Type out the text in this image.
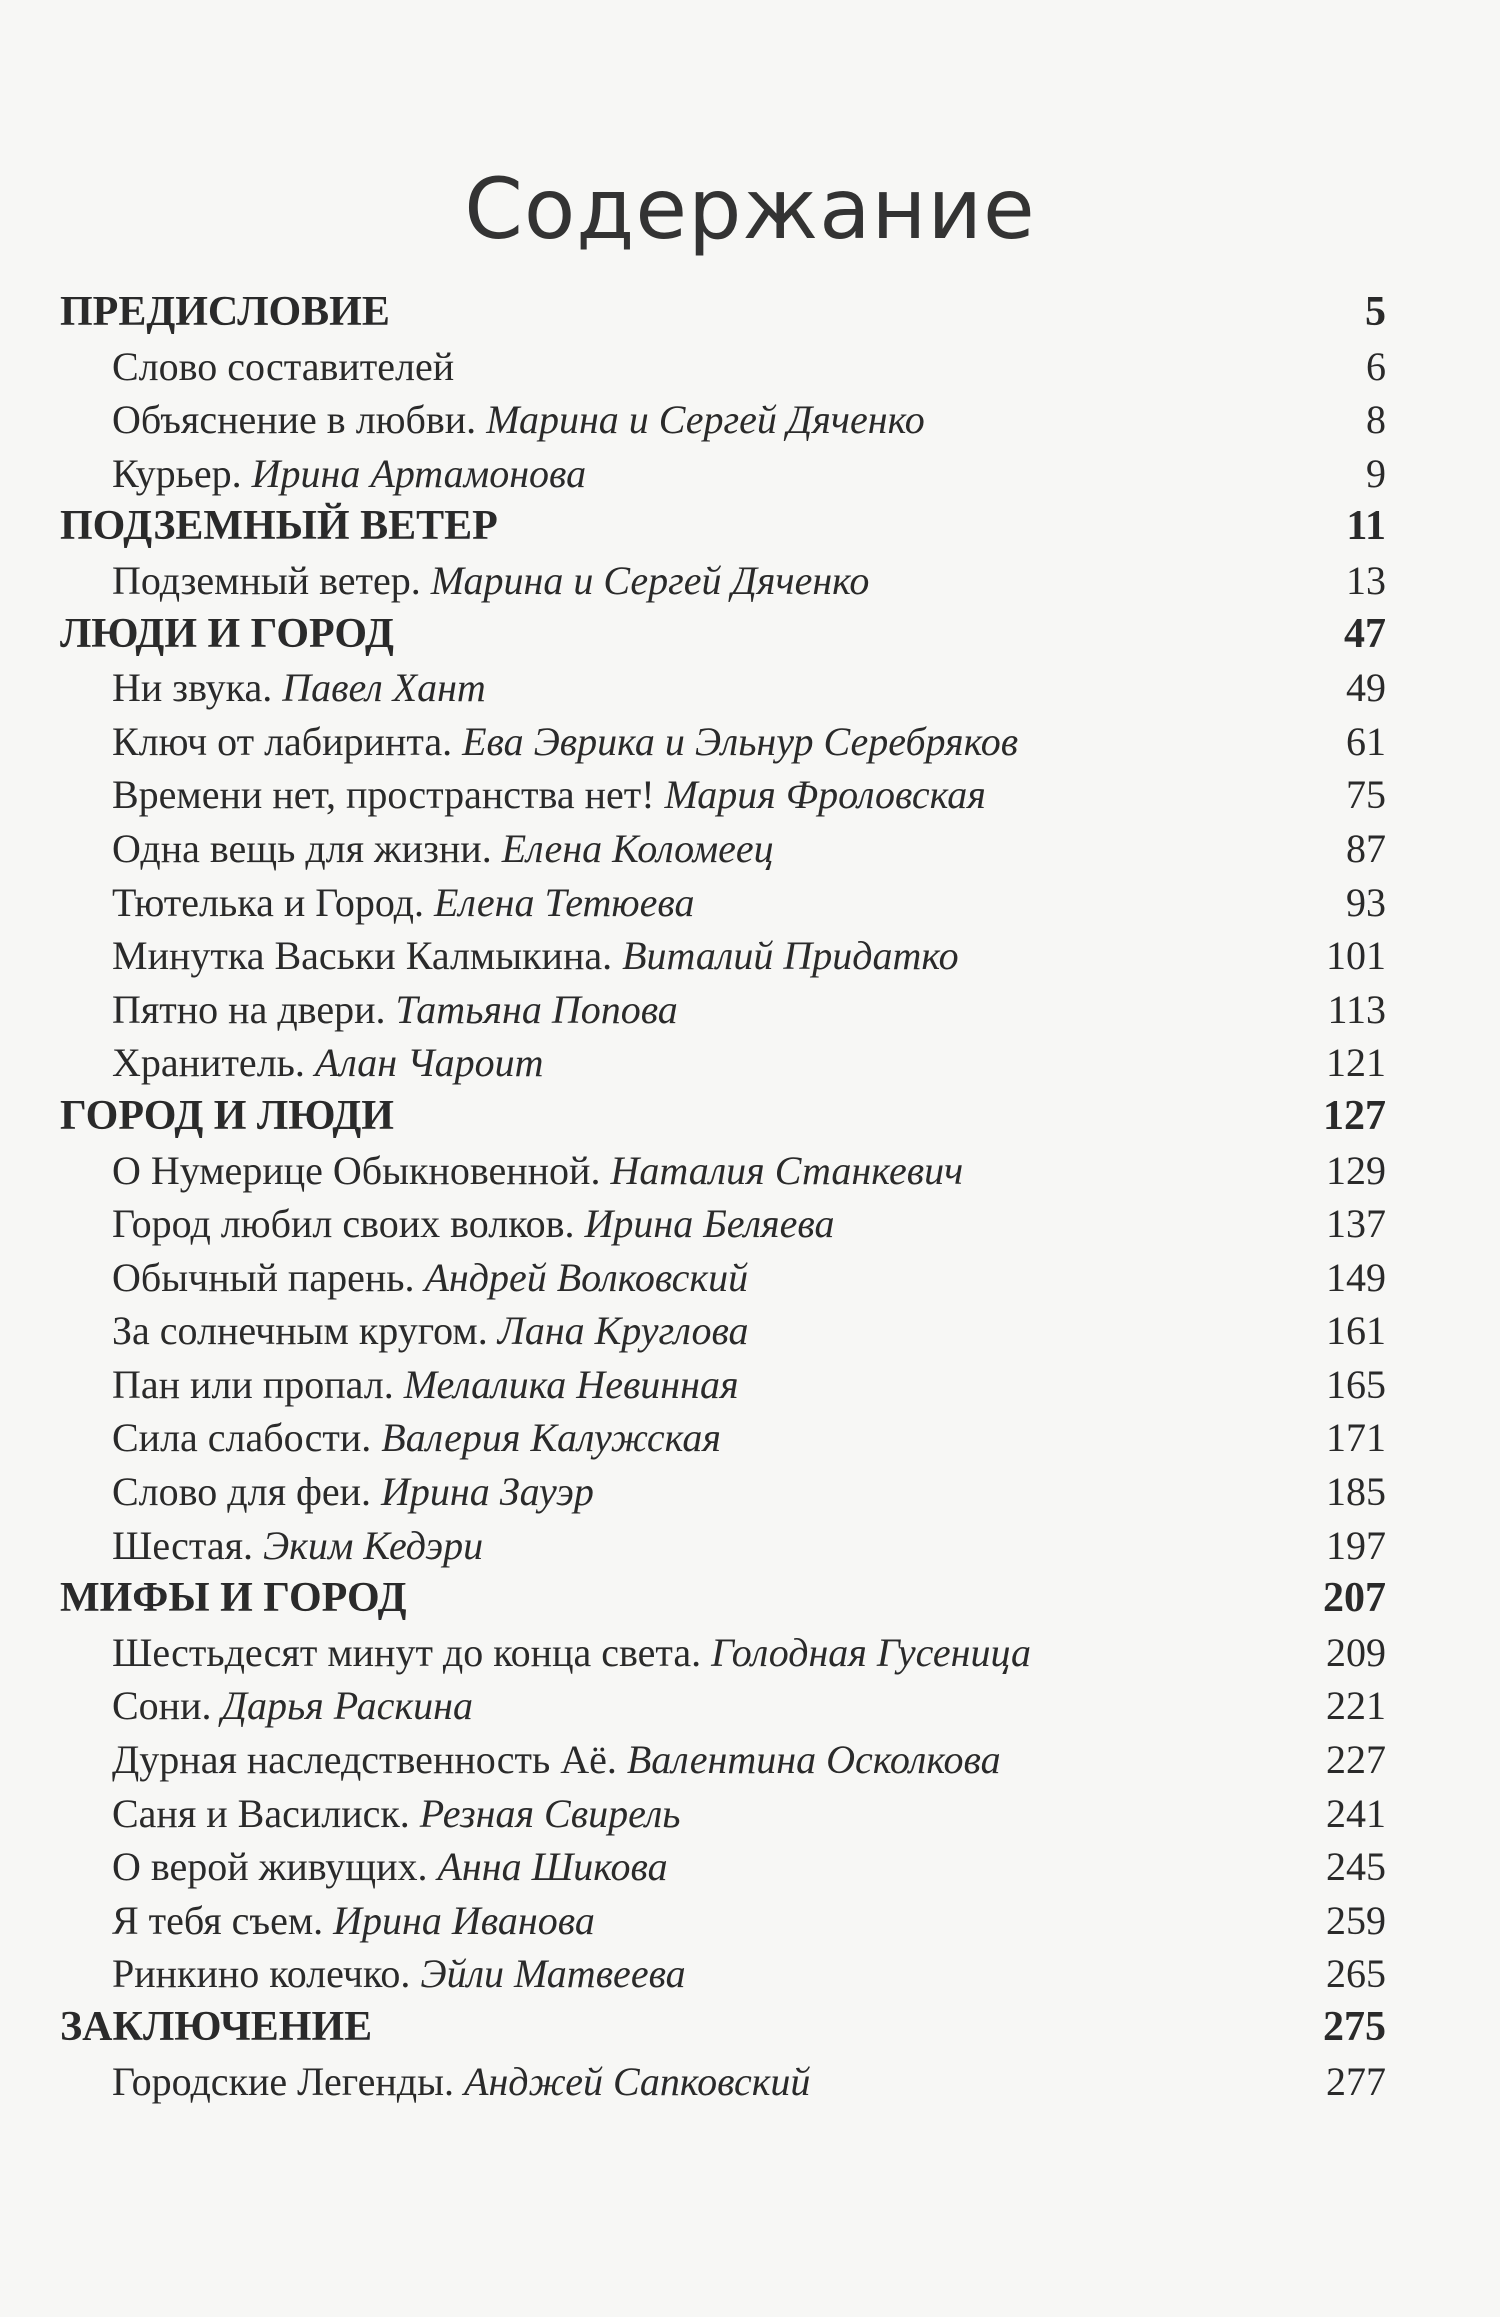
Содержание
ПРЕДИСЛОВИЕ . . .	5
Слово составителей . . .	6
Объяснение в любви. Марина и Сергей Дяченко . . .	8
Курьер. Ирина Артамонова . . .	9
ПОДЗЕМНЫЙ ВЕТЕР . . .	11
Подземный ветер. Марина и Сергей Дяченко . . .	13
ЛЮДИ И ГОРОД . . .	47
Ни звука. Павел Хант . . .	49
Ключ от лабиринта. Ева Эврика и Эльнур Серебряков . . .	61
Времени нет, пространства нет! Мария Фроловская . . .	75
Одна вещь для жизни. Елена Коломеец . . .	87
Тютелька и Город. Елена Тетюева . . .	93
Минутка Васьки Калмыкина. Виталий Придатко . . .	101
Пятно на двери. Татьяна Попова . . .	113
Хранитель. Алан Чароит . . .	121
ГОРОД И ЛЮДИ . . .	127
О Нумерице Обыкновенной. Наталия Станкевич . . .	129
Город любил своих волков. Ирина Беляева . . .	137
Обычный парень. Андрей Волковский . . .	149
За солнечным кругом. Лана Круглова . . .	161
Пан или пропал. Мелалика Невинная . . .	165
Сила слабости. Валерия Калужская . . .	171
Слово для феи. Ирина Зауэр . . .	185
Шестая. Эким Кедэри . . .	197
МИФЫ И ГОРОД . . .	207
Шестьдесят минут до конца света. Голодная Гусеница . . .	209
Сони. Дарья Раскина . . .	221
Дурная наследственность Аё. Валентина Осколкова . . .	227
Саня и Василиск. Резная Свирель . . .	241
О верой живущих. Анна Шикова . . .	245
Я тебя съем. Ирина Иванова . . .	259
Ринкино колечко. Эйли Матвеева . . .	265
ЗАКЛЮЧЕНИЕ . . .	275
Городские Легенды. Анджей Сапковский . . .	277
